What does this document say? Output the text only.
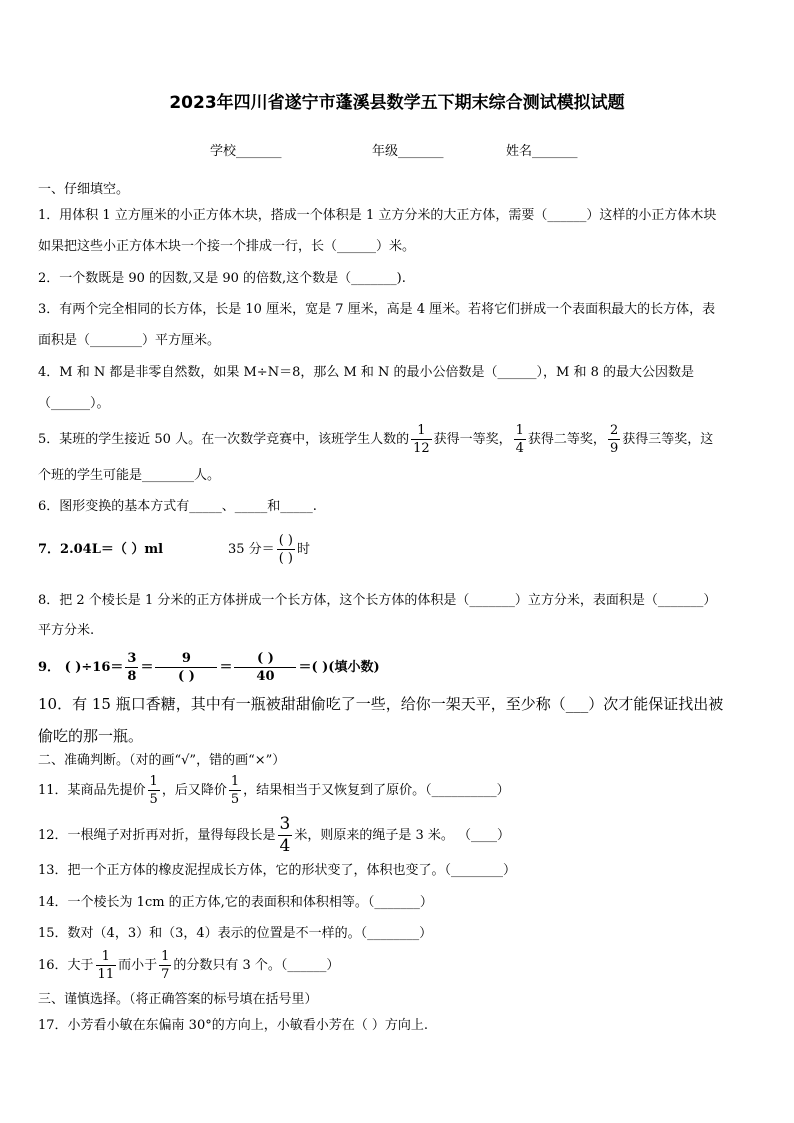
2023年四川省遂宁市蓬溪县数学五下期末综合测试模拟试题
学校_______	年级_______	姓名_______
一、仔细填空。
1．用体积 1 立方厘米的小正方体木块，搭成一个体积是 1 立方分米的大正方体，需要（______）这样的小正方体木块
如果把这些小正方体木块一个接一个排成一行，长（______）米。
2．一个数既是 90 的因数,又是 90 的倍数,这个数是（_______).
3．有两个完全相同的长方体，长是 10 厘米，宽是 7 厘米，高是 4 厘米。若将它们拼成一个表面积最大的长方体，表
面积是（________）平方厘米。
4．M 和 N 都是非零自然数，如果 M÷N＝8，那么 M 和 N 的最小公倍数是（______），M 和 8 的最大公因数是
（______）。
5．某班的学生接近 50 人。在一次数学竞赛中，该班学生人数的 $\frac{1}{12}$ 获得一等奖， $\frac{1}{4}$ 获得二等奖， $\frac{2}{9}$ 获得三等奖，这
个班的学生可能是________人。
6．图形变换的基本方式有_____、_____和_____.
7．2.04L＝（ ）ml	35 分＝ $\frac{( )}{( )}$ 时
8．把 2 个棱长是 1 分米的正方体拼成一个长方体，这个长方体的体积是（_______）立方分米，表面积是（_______）
平方分米.
9． ( )$\div 16= \frac{3}{8} = \frac{9}{( )} = \frac{( )}{40}$ ＝( )(填小数)
10．有 15 瓶口香糖，其中有一瓶被甜甜偷吃了一些，给你一架天平，至少称（___）次才能保证找出被
偷吃的那一瓶。
二、准确判断。（对的画“√”，错的画“×”）
11．某商品先提价 $\frac{1}{5}$ ，后又降价 $\frac{1}{5}$ ，结果相当于又恢复到了原价。（__________）
12．一根绳子对折再对折，量得每段长是 $\frac{3}{4}$ 米，则原来的绳子是 3 米。 （____）
13．把一个正方体的橡皮泥捏成长方体，它的形状变了，体积也变了。（________）
14．一个棱长为 1cm 的正方体,它的表面积和体积相等。（_______）
15．数对（4，3）和（3，4）表示的位置是不一样的。（________）
16．大于 $\frac{1}{11}$ 而小于 $\frac{1}{7}$ 的分数只有 3 个。（______）
三、谨慎选择。（将正确答案的标号填在括号里）
17．小芳看小敏在东偏南 30°的方向上，小敏看小芳在（ ）方向上.
